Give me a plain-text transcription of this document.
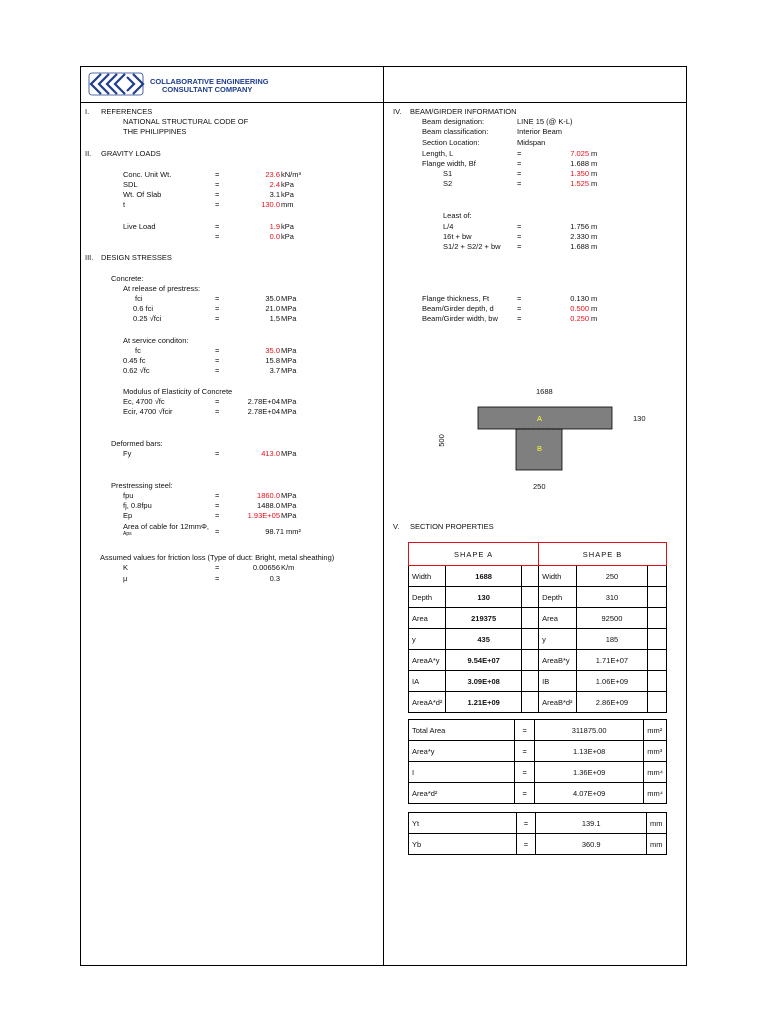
COLLABORATIVE ENGINEERING
CONSULTANT COMPANY
I. REFERENCES
NATIONAL STRUCTURAL CODE OF
THE PHILIPPINES
II. GRAVITY LOADS
Conc. Unit Wt.	=	23.6 kN/m³
SDL	=	2.4 kPa
Wt. Of Slab	=	3.1 kPa
t	=	130.0 mm
Live Load	=	1.9 kPa
=	0.0 kPa
III. DESIGN STRESSES
Concrete:
At release of prestress:
fci	=	35.0 MPa
0.6 fci	=	21.0 MPa
0.25 √fci	=	1.5 MPa
At service conditon:
fc	=	35.0 MPa
0.45 fc	=	15.8 MPa
0.62 √fc	=	3.7 MPa
Modulus of Elasticity of Concrete
Ec, 4700 √fc	=	2.78E+04 MPa
Ecir, 4700 √fcir	=	2.78E+04 MPa
Deformed bars:
Fy	=	413.0 MPa
Prestressing steel:
fpu	=	1860.0 MPa
fj, 0.8fpu	=	1488.0 MPa
Ep	=	1.93E+05 MPa
Area of cable for 12mmΦ,
Aps	=	98.71 mm²
Assumed values for friction loss (Type of duct: Bright, metal sheathing)
K	=	0.00656 K/m
μ	=	0.3
IV. BEAM/GIRDER INFORMATION
Beam designation:	LINE 15 (@ K-L)
Beam classification:	Interior Beam
Section Location:	Midspan
Length, L	=	7.025 m
Flange width, Bf	=	1.688 m
S1	=	1.350 m
S2	=	1.525 m
Least of:
L/4	=	1.756 m
16t + bw	=	2.330 m
S1/2 + S2/2 + bw =	1.688 m
Flange thickness, Ft	=	0.130 m
Beam/Girder depth, d	=	0.500 m
Beam/Girder width, bw	=	0.250 m
1688
130
500
250
A
B
V. SECTION PROPERTIES
SHAPE A			SHAPE B		
Width	1688		Width	250	
Depth	130		Depth	310	
Area	219375		Area	92500	
y	435		y	185	
AreaA*y	9.54E+07		AreaB*y	1.71E+07	
IA	3.09E+08		IB	1.06E+09	
AreaA*d²	1.21E+09		AreaB*d²	2.86E+09	
Total Area	=	311875.00	mm²
Area*y	=	1.13E+08	mm³
I	=	1.36E+09	mm⁴
Area*d²	=	4.07E+09	mm⁴
Yt	=	139.1	mm
Yb	=	360.9	mm
